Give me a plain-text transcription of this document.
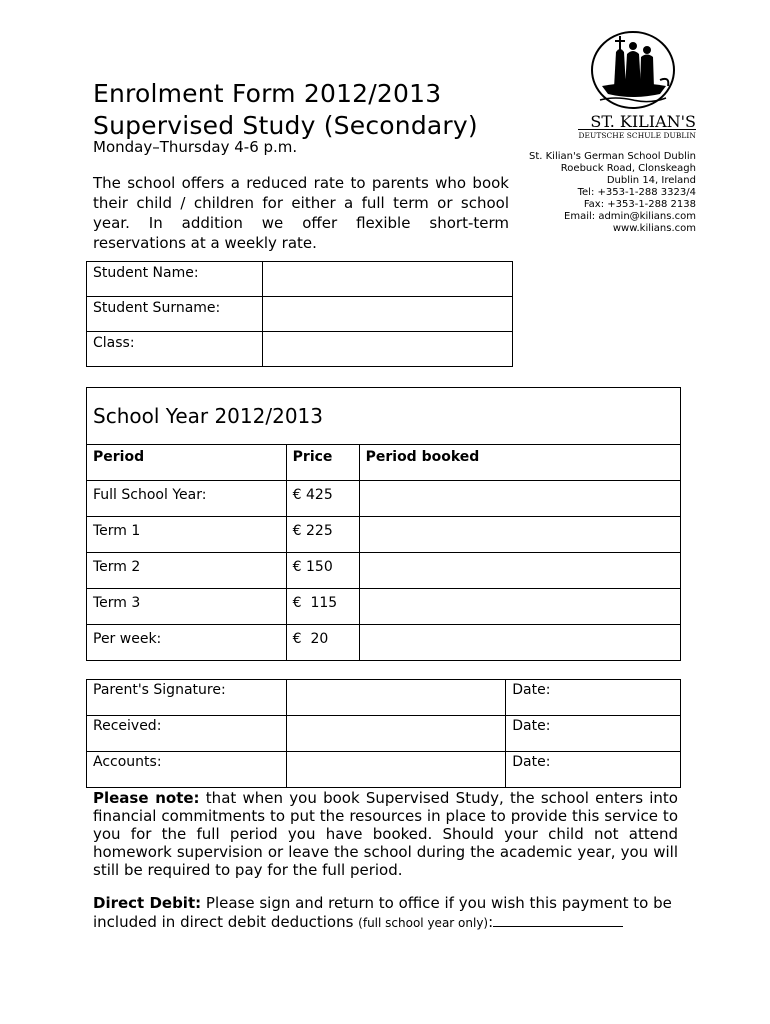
Enrolment Form 2012/2013
Supervised Study (Secondary)
Monday–Thursday 4-6 p.m.
The school offers a reduced rate to parents who book their child / children for either a full term or school year. In addition we offer flexible short-term reservations at a weekly rate.
ST. KILIAN'S
DEUTSCHE SCHULE DUBLIN
St. Kilian's German School Dublin
Roebuck Road, Clonskeagh
Dublin 14, Ireland
Tel: +353-1-288 3323/4
Fax: +353-1-288 2138
Email: admin@kilians.com
www.kilians.com
Student Name:	
Student Surname:	
Class:	
School Year 2012/2013		
Period	Price	Period booked
Full School Year:	€ 425	
Term 1	€ 225	
Term 2	€ 150	
Term 3	€  115	
Per week:	€  20	
Parent's Signature:		Date:	
Received:		Date:	
Accounts:		Date:	
Please note: that when you book Supervised Study, the school enters into financial commitments to put the resources in place to provide this service to you for the full period you have booked. Should your child not attend homework supervision or leave the school during the academic year, you will still be required to pay for the full period.
Direct Debit: Please sign and return to office if you wish this payment to be included in direct debit deductions (full school year only):
